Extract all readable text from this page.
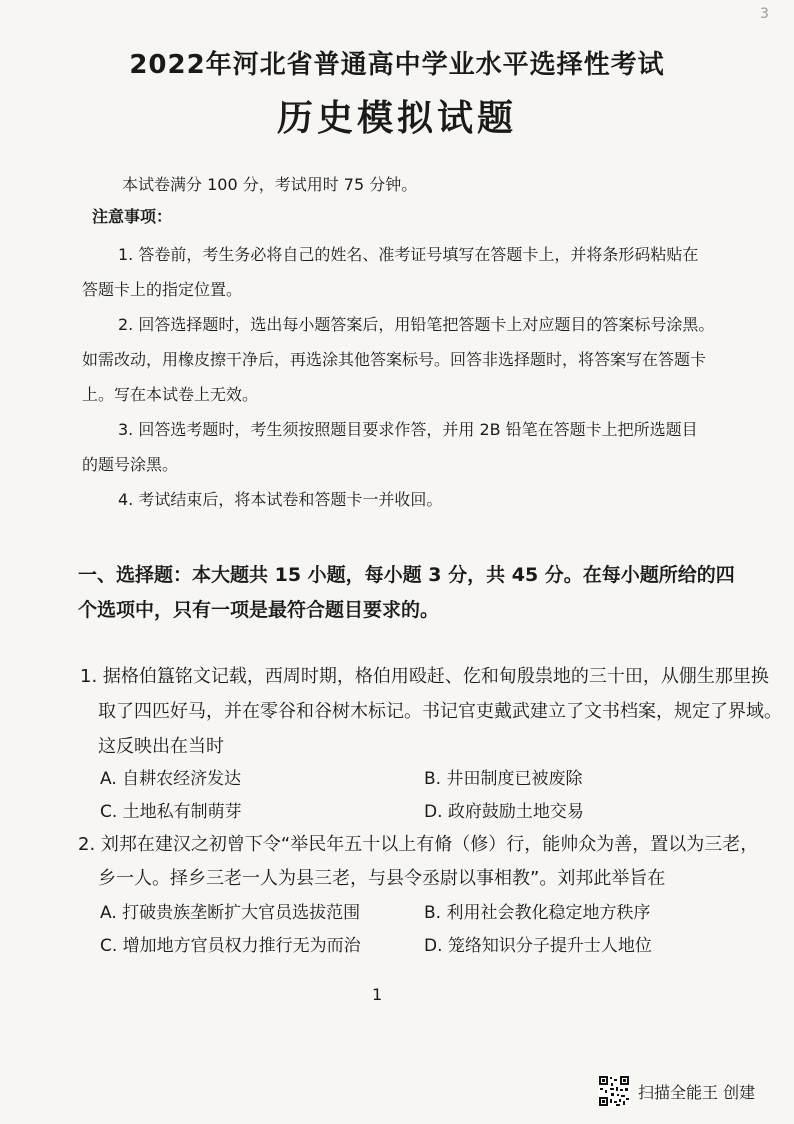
3
2022年河北省普通高中学业水平选择性考试
历史模拟试题
本试卷满分 100 分，考试用时 75 分钟。
注意事项：
1. 答卷前，考生务必将自己的姓名、准考证号填写在答题卡上，并将条形码粘贴在
答题卡上的指定位置。
2. 回答选择题时，选出每小题答案后，用铅笔把答题卡上对应题目的答案标号涂黑。
如需改动，用橡皮擦干净后，再选涂其他答案标号。回答非选择题时，将答案写在答题卡
上。写在本试卷上无效。
3. 回答选考题时，考生须按照题目要求作答，并用 2B 铅笔在答题卡上把所选题目
的题号涂黑。
4. 考试结束后，将本试卷和答题卡一并收回。
一、选择题：本大题共 15 小题，每小题 3 分，共 45 分。在每小题所给的四
个选项中，只有一项是最符合题目要求的。
1. 据格伯簋铭文记载，西周时期，格伯用殴赶、仡和甸殷祟地的三十田，从倗生那里换
取了四匹好马，并在零谷和谷树木标记。书记官吏戴武建立了文书档案，规定了界域。
这反映出在当时
A. 自耕农经济发达	B. 井田制度已被废除
C. 土地私有制萌芽	D. 政府鼓励土地交易
2. 刘邦在建汉之初曾下令“举民年五十以上有脩（修）行，能帅众为善，置以为三老，
乡一人。择乡三老一人为县三老，与县令丞尉以事相教”。刘邦此举旨在
A. 打破贵族垄断扩大官员选拔范围	B. 利用社会教化稳定地方秩序
C. 增加地方官员权力推行无为而治	D. 笼络知识分子提升士人地位
1
扫描全能王 创建
